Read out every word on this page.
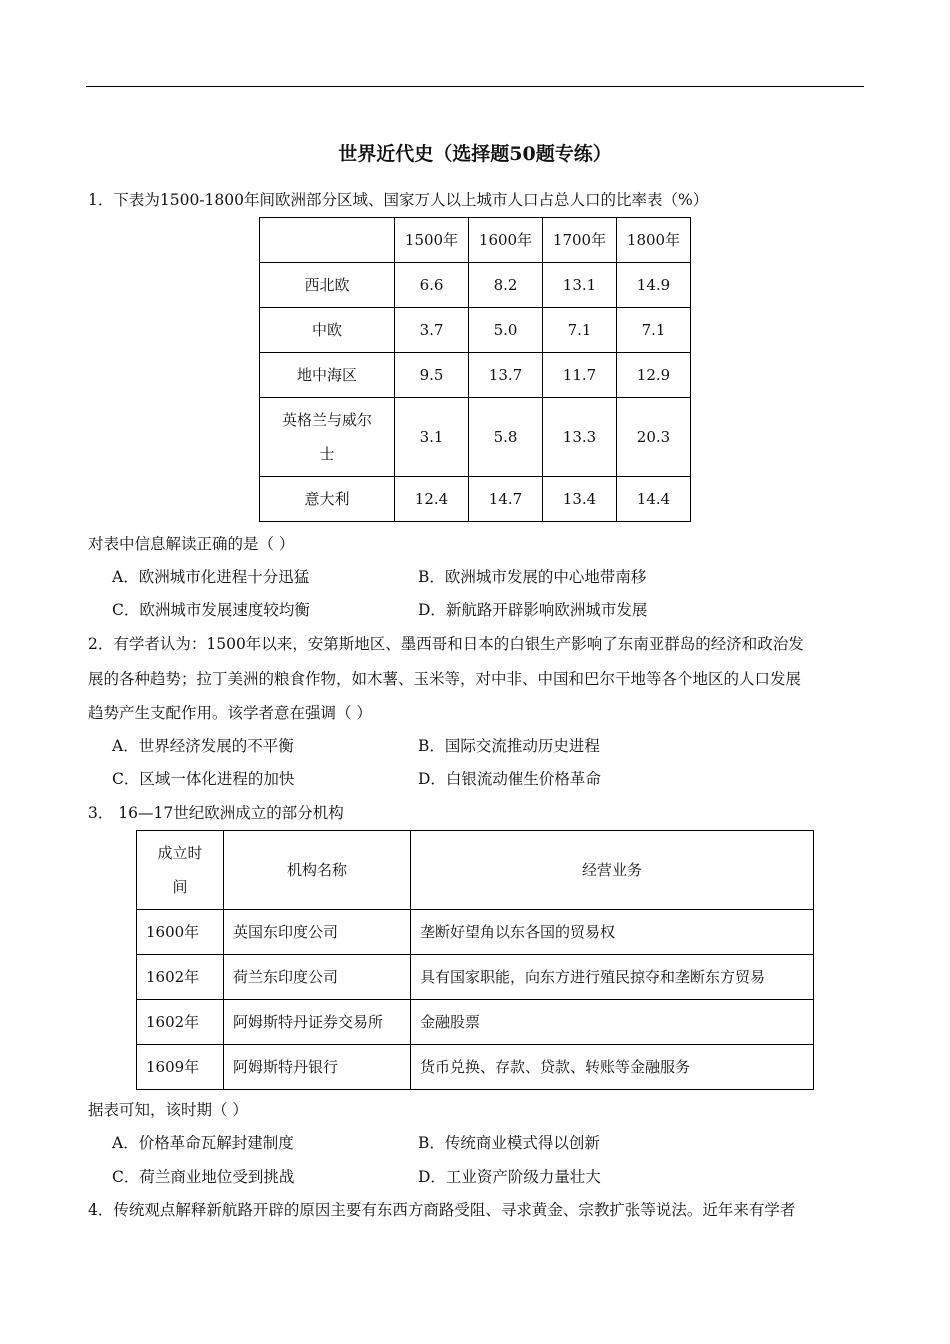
世界近代史（选择题50题专练）
1．下表为1500-1800年间欧洲部分区域、国家万人以上城市人口占总人口的比率表（%）
	1500年	1600年	1700年	1800年
西北欧	6.6	8.2	13.1	14.9
中欧	3.7	5.0	7.1	7.1
地中海区	9.5	13.7	11.7	12.9
英格兰与威尔
士	3.1	5.8	13.3	20.3
意大利	12.4	14.7	13.4	14.4
对表中信息解读正确的是（ ）
A．欧洲城市化进程十分迅猛	B．欧洲城市发展的中心地带南移
C．欧洲城市发展速度较均衡	D．新航路开辟影响欧洲城市发展
2．有学者认为：1500年以来，安第斯地区、墨西哥和日本的白银生产影响了东南亚群岛的经济和政治发
展的各种趋势；拉丁美洲的粮食作物，如木薯、玉米等，对中非、中国和巴尔干地等各个地区的人口发展
趋势产生支配作用。该学者意在强调（ ）
A．世界经济发展的不平衡	B．国际交流推动历史进程
C．区域一体化进程的加快	D．白银流动催生价格革命
3． 16—17世纪欧洲成立的部分机构
成立时
间	机构名称	经营业务
1600年	英国东印度公司	垄断好望角以东各国的贸易权
1602年	荷兰东印度公司	具有国家职能，向东方进行殖民掠夺和垄断东方贸易
1602年	阿姆斯特丹证券交易所	金融股票
1609年	阿姆斯特丹银行	货币兑换、存款、贷款、转账等金融服务
据表可知，该时期（ ）
A．价格革命瓦解封建制度	B．传统商业模式得以创新
C．荷兰商业地位受到挑战	D．工业资产阶级力量壮大
4．传统观点解释新航路开辟的原因主要有东西方商路受阻、寻求黄金、宗教扩张等说法。近年来有学者
